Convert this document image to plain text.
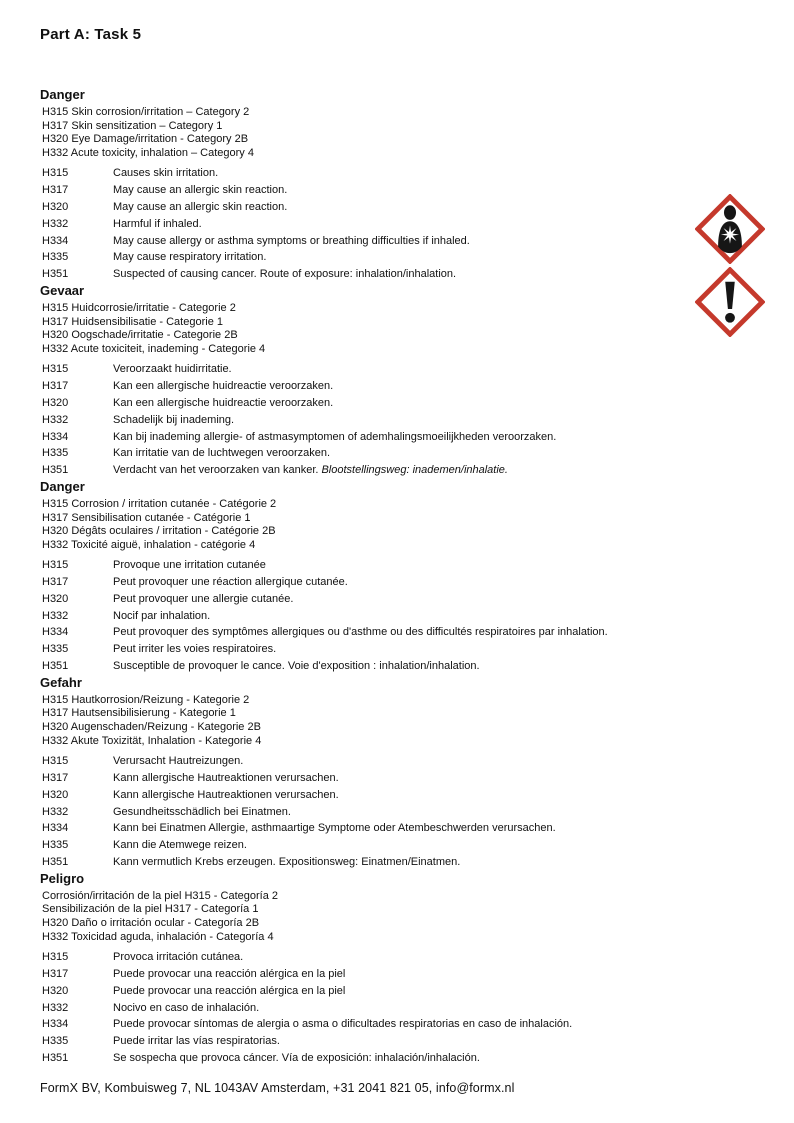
Part A: Task 5
Danger
H315 Skin corrosion/irritation – Category 2
H317 Skin sensitization – Category 1
H320 Eye Damage/irritation - Category 2B
H332 Acute toxicity, inhalation – Category 4
H315	Causes skin irritation.
H317	May cause an allergic skin reaction.
H320	May cause an allergic skin reaction.
H332	Harmful if inhaled.
H334	May cause allergy or asthma symptoms or breathing difficulties if inhaled.
H335	May cause respiratory irritation.
H351	Suspected of causing cancer. Route of exposure: inhalation/inhalation.
Gevaar
H315 Huidcorrosie/irritatie - Categorie 2
H317 Huidsensibilisatie - Categorie 1
H320 Oogschade/irritatie - Categorie 2B
H332 Acute toxiciteit, inademing - Categorie 4
H315	Veroorzaakt huidirritatie.
H317	Kan een allergische huidreactie veroorzaken.
H320	Kan een allergische huidreactie veroorzaken.
H332	Schadelijk bij inademing.
H334	Kan bij inademing allergie- of astmasymptomen of ademhalingsmoeilijkheden veroorzaken.
H335	Kan irritatie van de luchtwegen veroorzaken.
H351	Verdacht van het veroorzaken van kanker. Blootstellingsweg: inademen/inhalatie.
Danger
H315 Corrosion / irritation cutanée - Catégorie 2
H317 Sensibilisation cutanée - Catégorie 1
H320 Dégâts oculaires / irritation - Catégorie 2B
H332 Toxicité aiguë, inhalation - catégorie 4
H315	Provoque une irritation cutanée
H317	Peut provoquer une réaction allergique cutanée.
H320	Peut provoquer une allergie cutanée.
H332	Nocif par inhalation.
H334	Peut provoquer des symptômes allergiques ou d'asthme ou des difficultés respiratoires par inhalation.
H335	Peut irriter les voies respiratoires.
H351	Susceptible de provoquer le cance. Voie d'exposition : inhalation/inhalation.
Gefahr
H315 Hautkorrosion/Reizung - Kategorie 2
H317 Hautsensibilisierung - Kategorie 1
H320 Augenschaden/Reizung - Kategorie 2B
H332 Akute Toxizität, Inhalation - Kategorie 4
H315	Verursacht Hautreizungen.
H317	Kann allergische Hautreaktionen verursachen.
H320	Kann allergische Hautreaktionen verursachen.
H332	Gesundheitsschädlich bei Einatmen.
H334	Kann bei Einatmen Allergie, asthmaartige Symptome oder Atembeschwerden verursachen.
H335	Kann die Atemwege reizen.
H351	Kann vermutlich Krebs erzeugen. Expositionsweg: Einatmen/Einatmen.
Peligro
Corrosión/irritación de la piel H315 - Categoría 2
Sensibilización de la piel H317 - Categoría 1
H320 Daño o irritación ocular - Categoría 2B
H332 Toxicidad aguda, inhalación - Categoría 4
H315	Provoca irritación cutánea.
H317	Puede provocar una reacción alérgica en la piel
H320	Puede provocar una reacción alérgica en la piel
H332	Nocivo en caso de inhalación.
H334	Puede provocar síntomas de alergia o asma o dificultades respiratorias en caso de inhalación.
H335	Puede irritar las vías respiratorias.
H351	Se sospecha que provoca cáncer. Vía de exposición: inhalación/inhalación.
FormX BV, Kombuisweg 7, NL 1043AV Amsterdam, +31 2041 821 05, info@formx.nl
